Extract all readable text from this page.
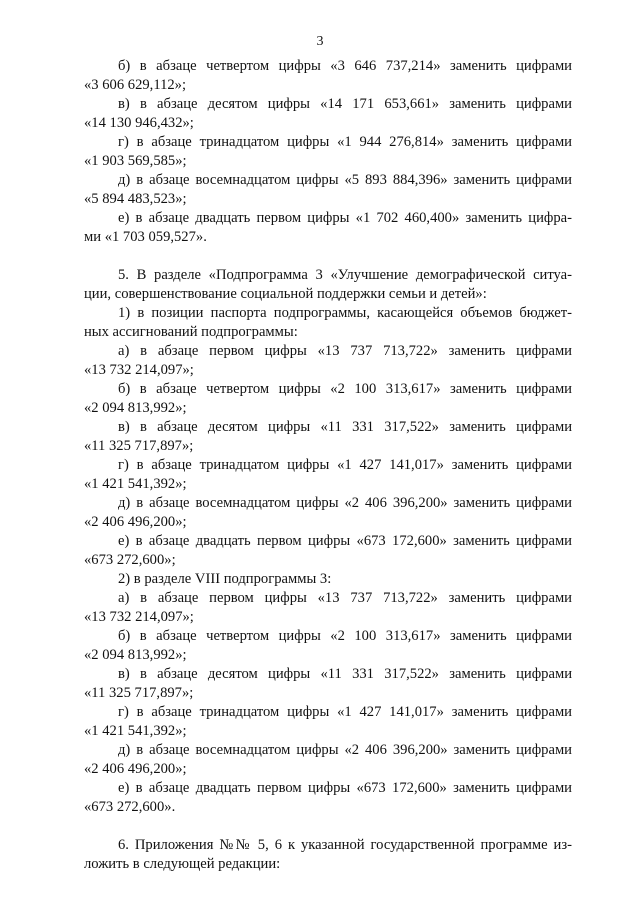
3
б) в абзаце четвертом цифры «3 646 737,214» заменить цифрами
«3 606 629,112»;
в) в абзаце десятом цифры «14 171 653,661» заменить цифрами
«14 130 946,432»;
г) в абзаце тринадцатом цифры «1 944 276,814» заменить цифрами
«1 903 569,585»;
д) в абзаце восемнадцатом цифры «5 893 884,396» заменить цифрами
«5 894 483,523»;
е) в абзаце двадцать первом цифры «1 702 460,400» заменить цифра-
ми «1 703 059,527».
5. В разделе «Подпрограмма 3 «Улучшение демографической ситуа-
ции, совершенствование социальной поддержки семьи и детей»:
1) в позиции паспорта подпрограммы, касающейся объемов бюджет-
ных ассигнований подпрограммы:
а) в абзаце первом цифры «13 737 713,722» заменить цифрами
«13 732 214,097»;
б) в абзаце четвертом цифры «2 100 313,617» заменить цифрами
«2 094 813,992»;
в) в абзаце десятом цифры «11 331 317,522» заменить цифрами
«11 325 717,897»;
г) в абзаце тринадцатом цифры «1 427 141,017» заменить цифрами
«1 421 541,392»;
д) в абзаце восемнадцатом цифры «2 406 396,200» заменить цифрами
«2 406 496,200»;
е) в абзаце двадцать первом цифры «673 172,600» заменить цифрами
«673 272,600»;
2) в разделе VIII подпрограммы 3:
а) в абзаце первом цифры «13 737 713,722» заменить цифрами
«13 732 214,097»;
б) в абзаце четвертом цифры «2 100 313,617» заменить цифрами
«2 094 813,992»;
в) в абзаце десятом цифры «11 331 317,522» заменить цифрами
«11 325 717,897»;
г) в абзаце тринадцатом цифры «1 427 141,017» заменить цифрами
«1 421 541,392»;
д) в абзаце восемнадцатом цифры «2 406 396,200» заменить цифрами
«2 406 496,200»;
е) в абзаце двадцать первом цифры «673 172,600» заменить цифрами
«673 272,600».
6. Приложения №№ 5, 6 к указанной государственной программе из-
ложить в следующей редакции:
